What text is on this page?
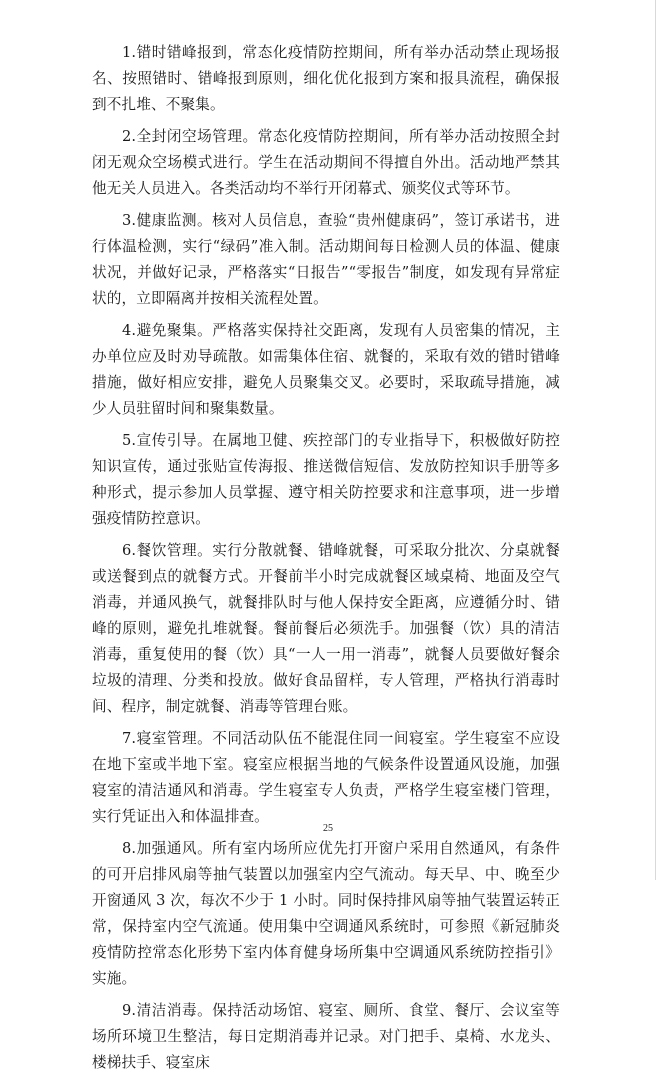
1.错时错峰报到，常态化疫情防控期间，所有举办活动禁止现场报名、按照错时、错峰报到原则，细化优化报到方案和报具流程，确保报到不扎堆、不聚集。

2.全封闭空场管理。常态化疫情防控期间，所有举办活动按照全封闭无观众空场模式进行。学生在活动期间不得擅自外出。活动地严禁其他无关人员进入。各类活动均不举行开闭幕式、颁奖仪式等环节。

3.健康监测。核对人员信息，查验“贵州健康码”，签订承诺书，进行体温检测，实行“绿码”准入制。活动期间每日检测人员的体温、健康状况，并做好记录，严格落实“日报告”“零报告”制度，如发现有异常症状的，立即隔离并按相关流程处置。

4.避免聚集。严格落实保持社交距离，发现有人员密集的情况，主办单位应及时劝导疏散。如需集体住宿、就餐的，采取有效的错时错峰措施，做好相应安排，避免人员聚集交叉。必要时，采取疏导措施，减少人员驻留时间和聚集数量。

5.宣传引导。在属地卫健、疾控部门的专业指导下，积极做好防控知识宣传，通过张贴宣传海报、推送微信短信、发放防控知识手册等多种形式，提示参加人员掌握、遵守相关防控要求和注意事项，进一步增强疫情防控意识。

6.餐饮管理。实行分散就餐、错峰就餐，可采取分批次、分桌就餐或送餐到点的就餐方式。开餐前半小时完成就餐区域桌椅、地面及空气消毒，并通风换气，就餐排队时与他人保持安全距离，应遵循分时、错峰的原则，避免扎堆就餐。餐前餐后必须洗手。加强餐（饮）具的清洁消毒，重复使用的餐（饮）具“一人一用一消毒”，就餐人员要做好餐余垃圾的清理、分类和投放。做好食品留样，专人管理，严格执行消毒时间、程序，制定就餐、消毒等管理台账。

7.寝室管理。不同活动队伍不能混住同一间寝室。学生寝室不应设在地下室或半地下室。寝室应根据当地的气候条件设置通风设施，加强寝室的清洁通风和消毒。学生寝室专人负责，严格学生寝室楼门管理，实行凭证出入和体温排查。

8.加强通风。所有室内场所应优先打开窗户采用自然通风，有条件的可开启排风扇等抽气装置以加强室内空气流动。每天早、中、晚至少开窗通风 3 次，每次不少于 1 小时。同时保持排风扇等抽气装置运转正常，保持室内空气流通。使用集中空调通风系统时，可参照《新冠肺炎疫情防控常态化形势下室内体育健身场所集中空调通风系统防控指引》实施。

9.清洁消毒。保持活动场馆、寝室、厕所、食堂、餐厅、会议室等场所环境卫生整洁，每日定期消毒并记录。对门把手、桌椅、水龙头、楼梯扶手、寝室床

25
